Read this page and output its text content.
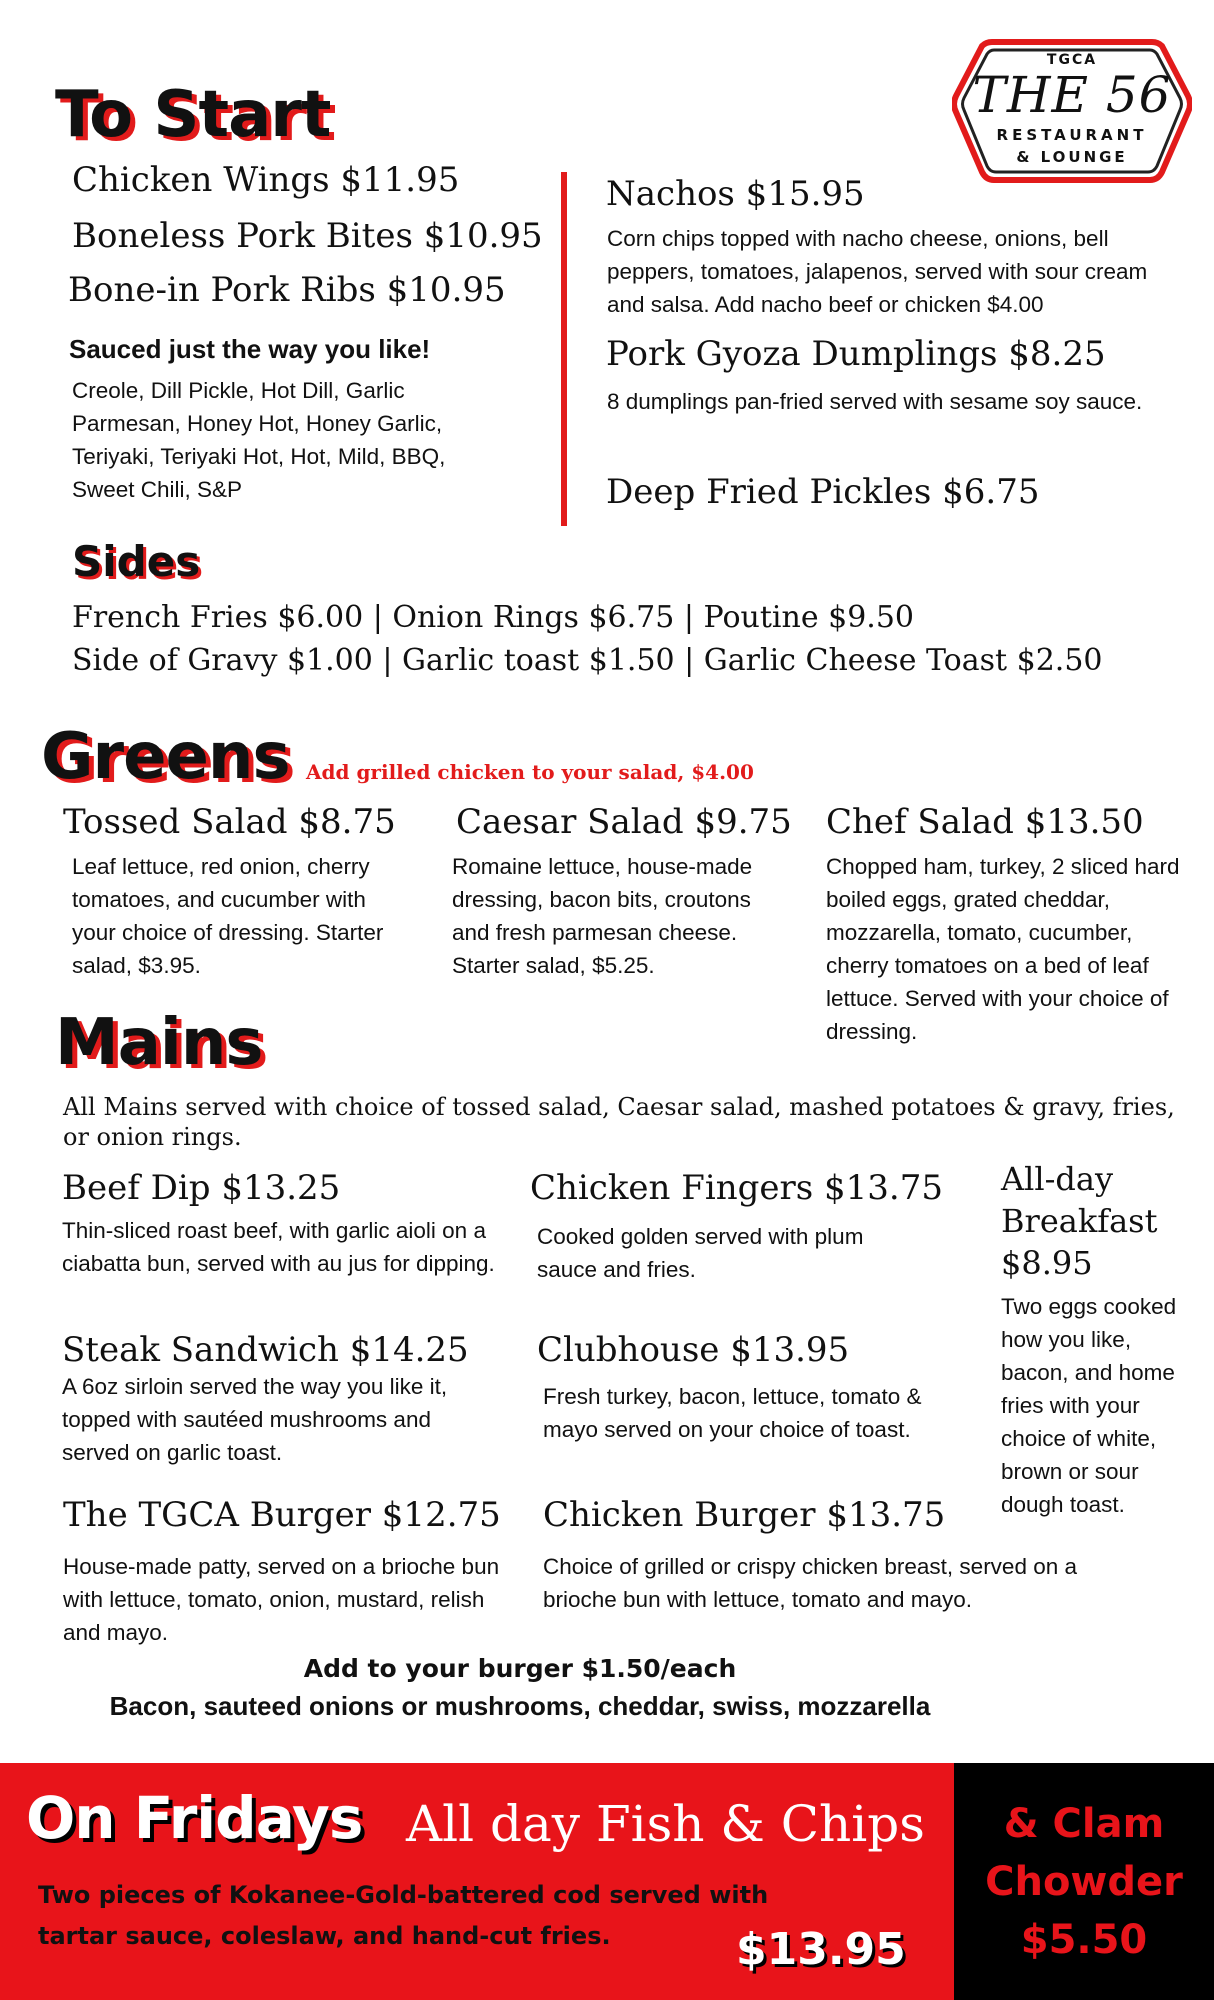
TGCA
THE 56
RESTAURANT
& LOUNGE
To Start
Chicken Wings $11.95
Boneless Pork Bites $10.95
Bone-in Pork Ribs $10.95
Sauced just the way you like!
Creole, Dill Pickle, Hot Dill, Garlic Parmesan, Honey Hot, Honey Garlic, Teriyaki, Teriyaki Hot, Hot, Mild, BBQ, Sweet Chili, S&P
Nachos $15.95
Corn chips topped with nacho cheese, onions, bell peppers, tomatoes, jalapenos, served with sour cream and salsa. Add nacho beef or chicken $4.00
Pork Gyoza Dumplings $8.25
8 dumplings pan-fried served with sesame soy sauce.
Deep Fried Pickles $6.75
Sides
French Fries $6.00 | Onion Rings $6.75 | Poutine $9.50
Side of Gravy $1.00 | Garlic toast $1.50 | Garlic Cheese Toast $2.50
Greens Add grilled chicken to your salad, $4.00
Tossed Salad $8.75
Leaf lettuce, red onion, cherry tomatoes, and cucumber with your choice of dressing. Starter salad, $3.95.
Caesar Salad $9.75
Romaine lettuce, house-made dressing, bacon bits, croutons and fresh parmesan cheese. Starter salad, $5.25.
Chef Salad $13.50
Chopped ham, turkey, 2 sliced hard boiled eggs, grated cheddar, mozzarella, tomato, cucumber, cherry tomatoes on a bed of leaf lettuce. Served with your choice of dressing.
Mains
All Mains served with choice of tossed salad, Caesar salad, mashed potatoes & gravy, fries, or onion rings.
Beef Dip $13.25
Thin-sliced roast beef, with garlic aioli on a ciabatta bun, served with au jus for dipping.
Chicken Fingers $13.75
Cooked golden served with plum sauce and fries.
All-day Breakfast $8.95
Two eggs cooked how you like, bacon, and home fries with your choice of white, brown or sour dough toast.
Steak Sandwich $14.25
A 6oz sirloin served the way you like it, topped with sautéed mushrooms and served on garlic toast.
Clubhouse $13.95
Fresh turkey, bacon, lettuce, tomato & mayo served on your choice of toast.
The TGCA Burger $12.75
House-made patty, served on a brioche bun with lettuce, tomato, onion, mustard, relish and mayo.
Chicken Burger $13.75
Choice of grilled or crispy chicken breast, served on a brioche bun with lettuce, tomato and mayo.
Add to your burger $1.50/each
Bacon, sauteed onions or mushrooms, cheddar, swiss, mozzarella
On Fridays All day Fish & Chips
Two pieces of Kokanee-Gold-battered cod served with
tartar sauce, coleslaw, and hand-cut fries.	$13.95
& Clam
Chowder
$5.50
